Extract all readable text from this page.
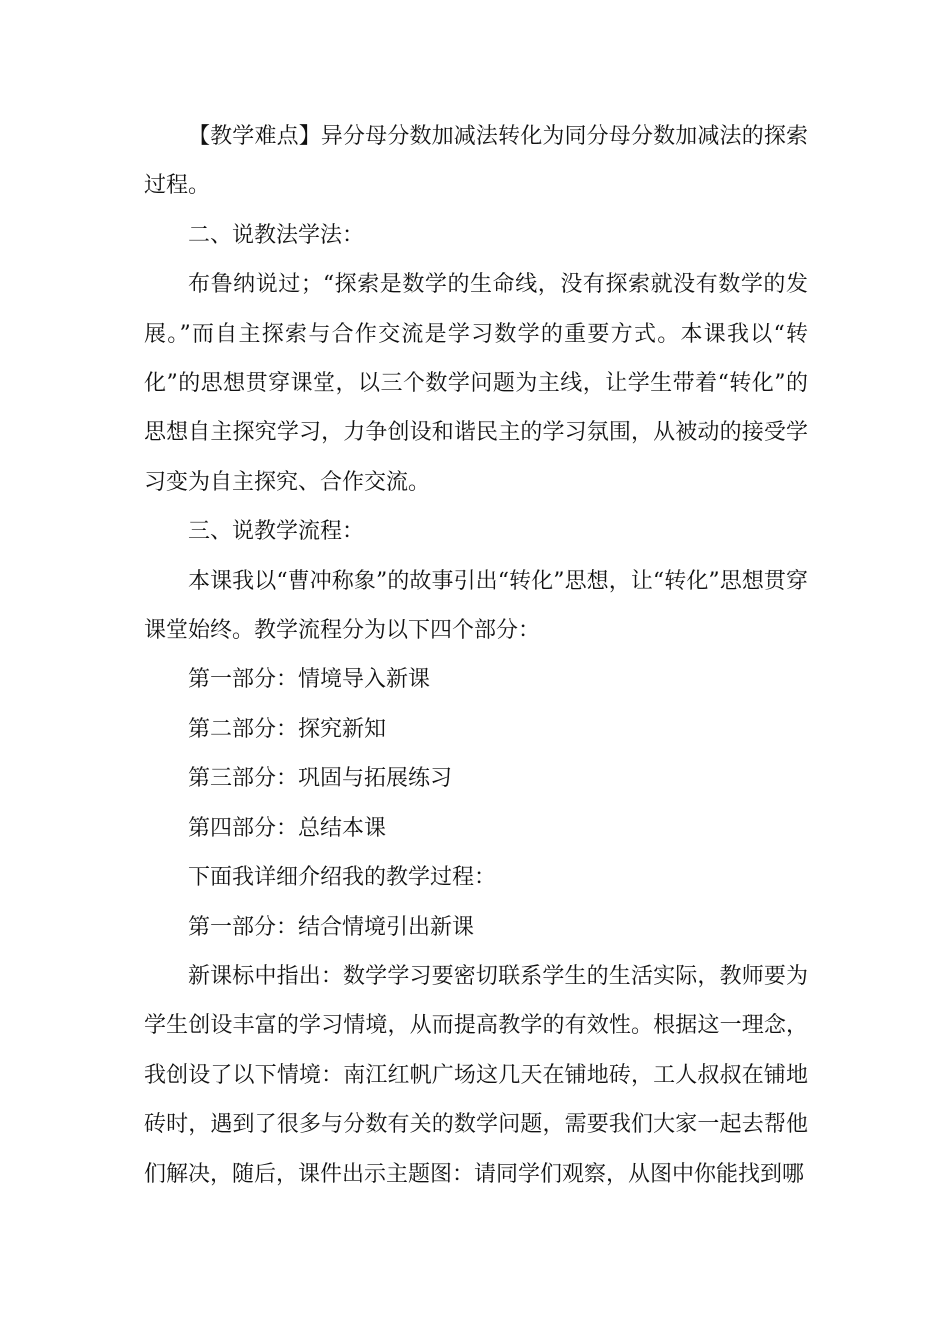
【教学难点】异分母分数加减法转化为同分母分数加减法的探索过程。

二、说教法学法：

布鲁纳说过；“探索是数学的生命线，没有探索就没有数学的发展。”而自主探索与合作交流是学习数学的重要方式。本课我以“转化”的思想贯穿课堂，以三个数学问题为主线，让学生带着“转化”的思想自主探究学习，力争创设和谐民主的学习氛围，从被动的接受学习变为自主探究、合作交流。

三、说教学流程：

本课我以“曹冲称象”的故事引出“转化”思想，让“转化”思想贯穿课堂始终。教学流程分为以下四个部分：

第一部分：情境导入新课

第二部分：探究新知

第三部分：巩固与拓展练习

第四部分：总结本课

下面我详细介绍我的教学过程：

第一部分：结合情境引出新课

新课标中指出：数学学习要密切联系学生的生活实际，教师要为学生创设丰富的学习情境，从而提高教学的有效性。根据这一理念，我创设了以下情境：南江红帆广场这几天在铺地砖，工人叔叔在铺地砖时，遇到了很多与分数有关的数学问题，需要我们大家一起去帮他们解决，随后，课件出示主题图：请同学们观察，从图中你能找到哪
